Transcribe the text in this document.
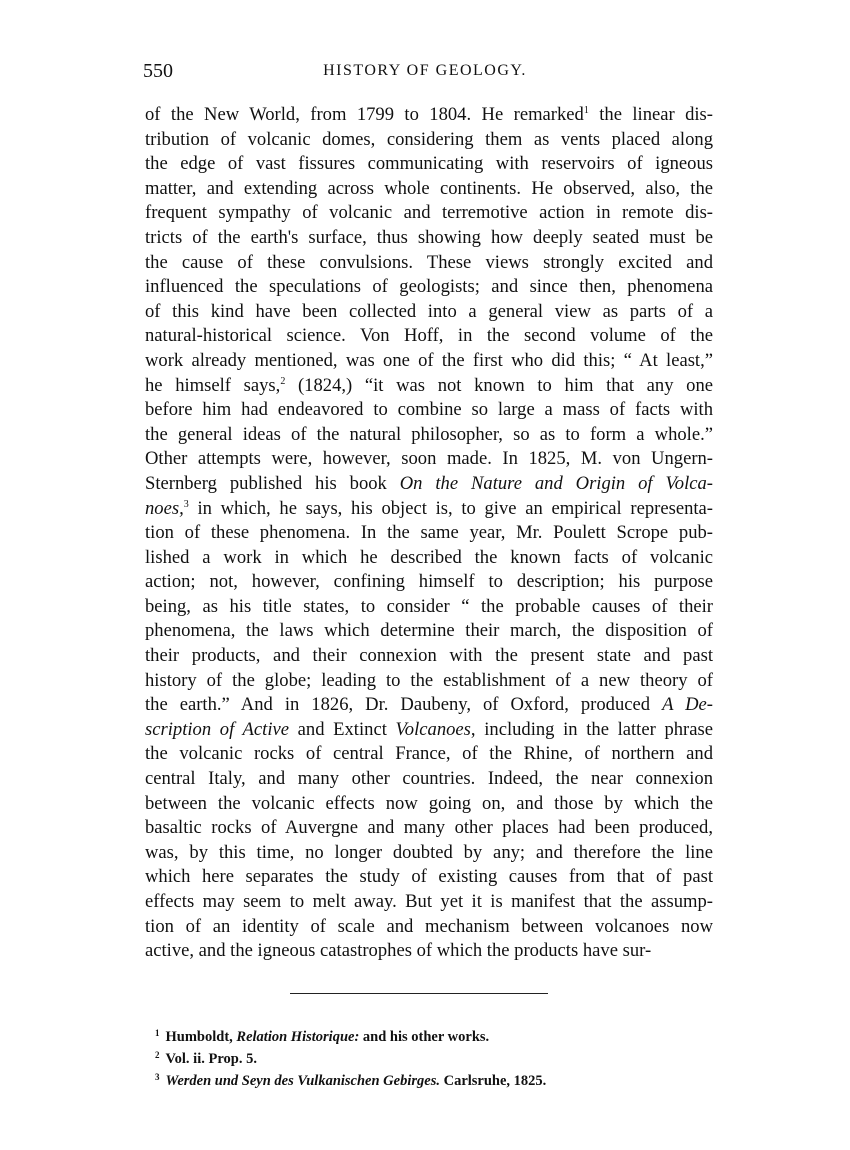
550	HISTORY OF GEOLOGY.
of the New World, from 1799 to 1804. He remarked$^1$ the linear dis-
tribution of volcanic domes, considering them as vents placed along
the edge of vast fissures communicating with reservoirs of igneous
matter, and extending across whole continents. He observed, also, the
frequent sympathy of volcanic and terremotive action in remote dis-
tricts of the earth's surface, thus showing how deeply seated must be
the cause of these convulsions. These views strongly excited and
influenced the speculations of geologists; and since then, phenomena
of this kind have been collected into a general view as parts of a
natural-historical science. Von Hoff, in the second volume of the
work already mentioned, was one of the first who did this; “ At least,”
he himself says,$^2$ (1824,) “it was not known to him that any one
before him had endeavored to combine so large a mass of facts with
the general ideas of the natural philosopher, so as to form a whole.”
Other attempts were, however, soon made. In 1825, M. von Ungern-
Sternberg published his book On the Nature and Origin of Volca-
noes,$^3$ in which, he says, his object is, to give an empirical representa-
tion of these phenomena. In the same year, Mr. Poulett Scrope pub-
lished a work in which he described the known facts of volcanic
action; not, however, confining himself to description; his purpose
being, as his title states, to consider “ the probable causes of their
phenomena, the laws which determine their march, the disposition of
their products, and their connexion with the present state and past
history of the globe; leading to the establishment of a new theory of
the earth.” And in 1826, Dr. Daubeny, of Oxford, produced A De-
scription of Active and Extinct Volcanoes, including in the latter phrase
the volcanic rocks of central France, of the Rhine, of northern and
central Italy, and many other countries. Indeed, the near connexion
between the volcanic effects now going on, and those by which the
basaltic rocks of Auvergne and many other places had been produced,
was, by this time, no longer doubted by any; and therefore the line
which here separates the study of existing causes from that of past
effects may seem to melt away. But yet it is manifest that the assump-
tion of an identity of scale and mechanism between volcanoes now
active, and the igneous catastrophes of which the products have sur-
$^1$ Humboldt, Relation Historique: and his other works.
$^2$ Vol. ii. Prop. 5.
$^3$ Werden und Seyn des Vulkanischen Gebirges. Carlsruhe, 1825.
